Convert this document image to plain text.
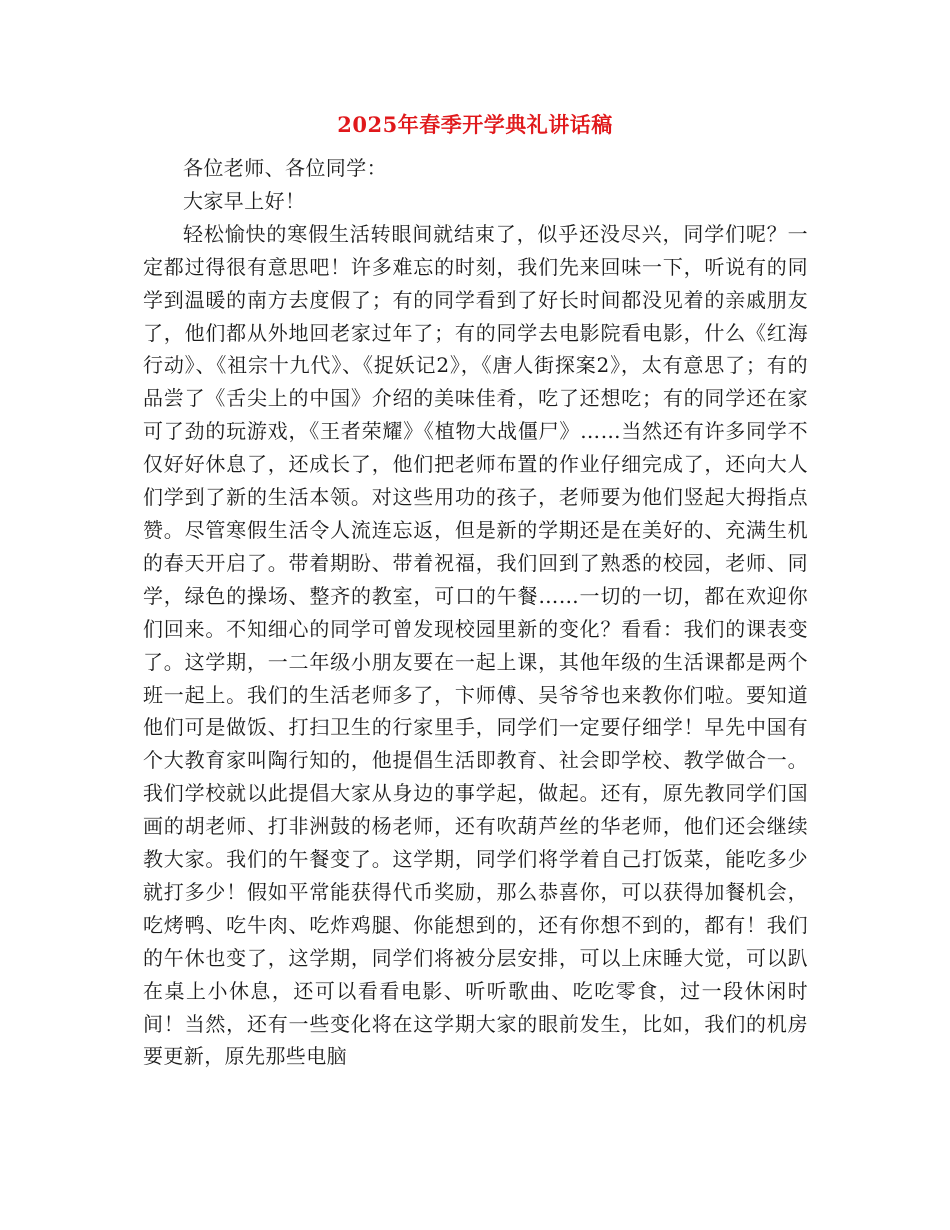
2025年春季开学典礼讲话稿

各位老师、各位同学：

大家早上好！

轻松愉快的寒假生活转眼间就结束了，似乎还没尽兴，同学们呢？一定都过得很有意思吧！许多难忘的时刻，我们先来回味一下，听说有的同学到温暖的南方去度假了；有的同学看到了好长时间都没见着的亲戚朋友了，他们都从外地回老家过年了；有的同学去电影院看电影，什么《红海行动》、《祖宗十九代》、《捉妖记2》，《唐人街探案2》，太有意思了；有的品尝了《舌尖上的中国》介绍的美味佳肴，吃了还想吃；有的同学还在家可了劲的玩游戏，《王者荣耀》《植物大战僵尸》……当然还有许多同学不仅好好休息了，还成长了，他们把老师布置的作业仔细完成了，还向大人们学到了新的生活本领。对这些用功的孩子，老师要为他们竖起大拇指点赞。尽管寒假生活令人流连忘返，但是新的学期还是在美好的、充满生机的春天开启了。带着期盼、带着祝福，我们回到了熟悉的校园，老师、同学，绿色的操场、整齐的教室，可口的午餐……一切的一切，都在欢迎你们回来。不知细心的同学可曾发现校园里新的变化？看看：我们的课表变了。这学期，一二年级小朋友要在一起上课，其他年级的生活课都是两个班一起上。我们的生活老师多了，卞师傅、吴爷爷也来教你们啦。要知道他们可是做饭、打扫卫生的行家里手，同学们一定要仔细学！早先中国有个大教育家叫陶行知的，他提倡生活即教育、社会即学校、教学做合一。我们学校就以此提倡大家从身边的事学起，做起。还有，原先教同学们国画的胡老师、打非洲鼓的杨老师，还有吹葫芦丝的华老师，他们还会继续教大家。我们的午餐变了。这学期，同学们将学着自己打饭菜，能吃多少就打多少！假如平常能获得代币奖励，那么恭喜你，可以获得加餐机会，吃烤鸭、吃牛肉、吃炸鸡腿、你能想到的，还有你想不到的，都有！我们的午休也变了，这学期，同学们将被分层安排，可以上床睡大觉，可以趴在桌上小休息，还可以看看电影、听听歌曲、吃吃零食，过一段休闲时间！当然，还有一些变化将在这学期大家的眼前发生，比如，我们的机房要更新，原先那些电脑
